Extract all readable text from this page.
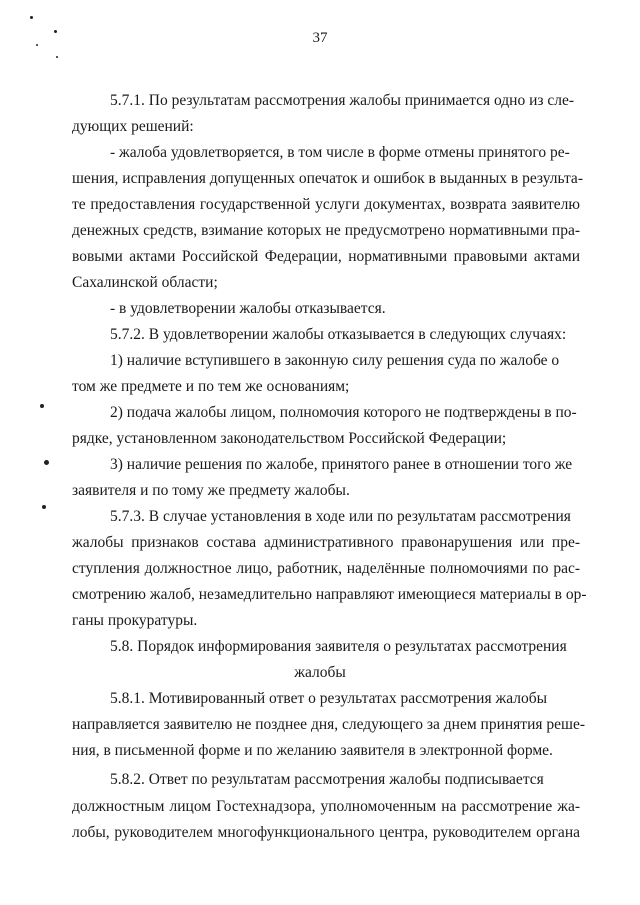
37
5.7.1. По результатам рассмотрения жалобы принимается одно из сле-
дующих решений:
- жалоба удовлетворяется, в том числе в форме отмены принятого ре-
шения, исправления допущенных опечаток и ошибок в выданных в результа-
те предоставления государственной услуги документах, возврата заявителю
денежных средств, взимание которых не предусмотрено нормативными пра-
вовыми актами Российской Федерации, нормативными правовыми актами
Сахалинской области;
- в удовлетворении жалобы отказывается.
5.7.2. В удовлетворении жалобы отказывается в следующих случаях:
1) наличие вступившего в законную силу решения суда по жалобе о
том же предмете и по тем же основаниям;
2) подача жалобы лицом, полномочия которого не подтверждены в по-
рядке, установленном законодательством Российской Федерации;
3) наличие решения по жалобе, принятого ранее в отношении того же
заявителя и по тому же предмету жалобы.
5.7.3. В случае установления в ходе или по результатам рассмотрения
жалобы признаков состава административного правонарушения или пре-
ступления должностное лицо, работник, наделённые полномочиями по рас-
смотрению жалоб, незамедлительно направляют имеющиеся материалы в ор-
ганы прокуратуры.
5.8. Порядок информирования заявителя о результатах рассмотрения
жалобы
5.8.1. Мотивированный ответ о результатах рассмотрения жалобы
направляется заявителю не позднее дня, следующего за днем принятия реше-
ния, в письменной форме и по желанию заявителя в электронной форме.
5.8.2. Ответ по результатам рассмотрения жалобы подписывается
должностным лицом Гостехнадзора, уполномоченным на рассмотрение жа-
лобы, руководителем многофункционального центра, руководителем органа
